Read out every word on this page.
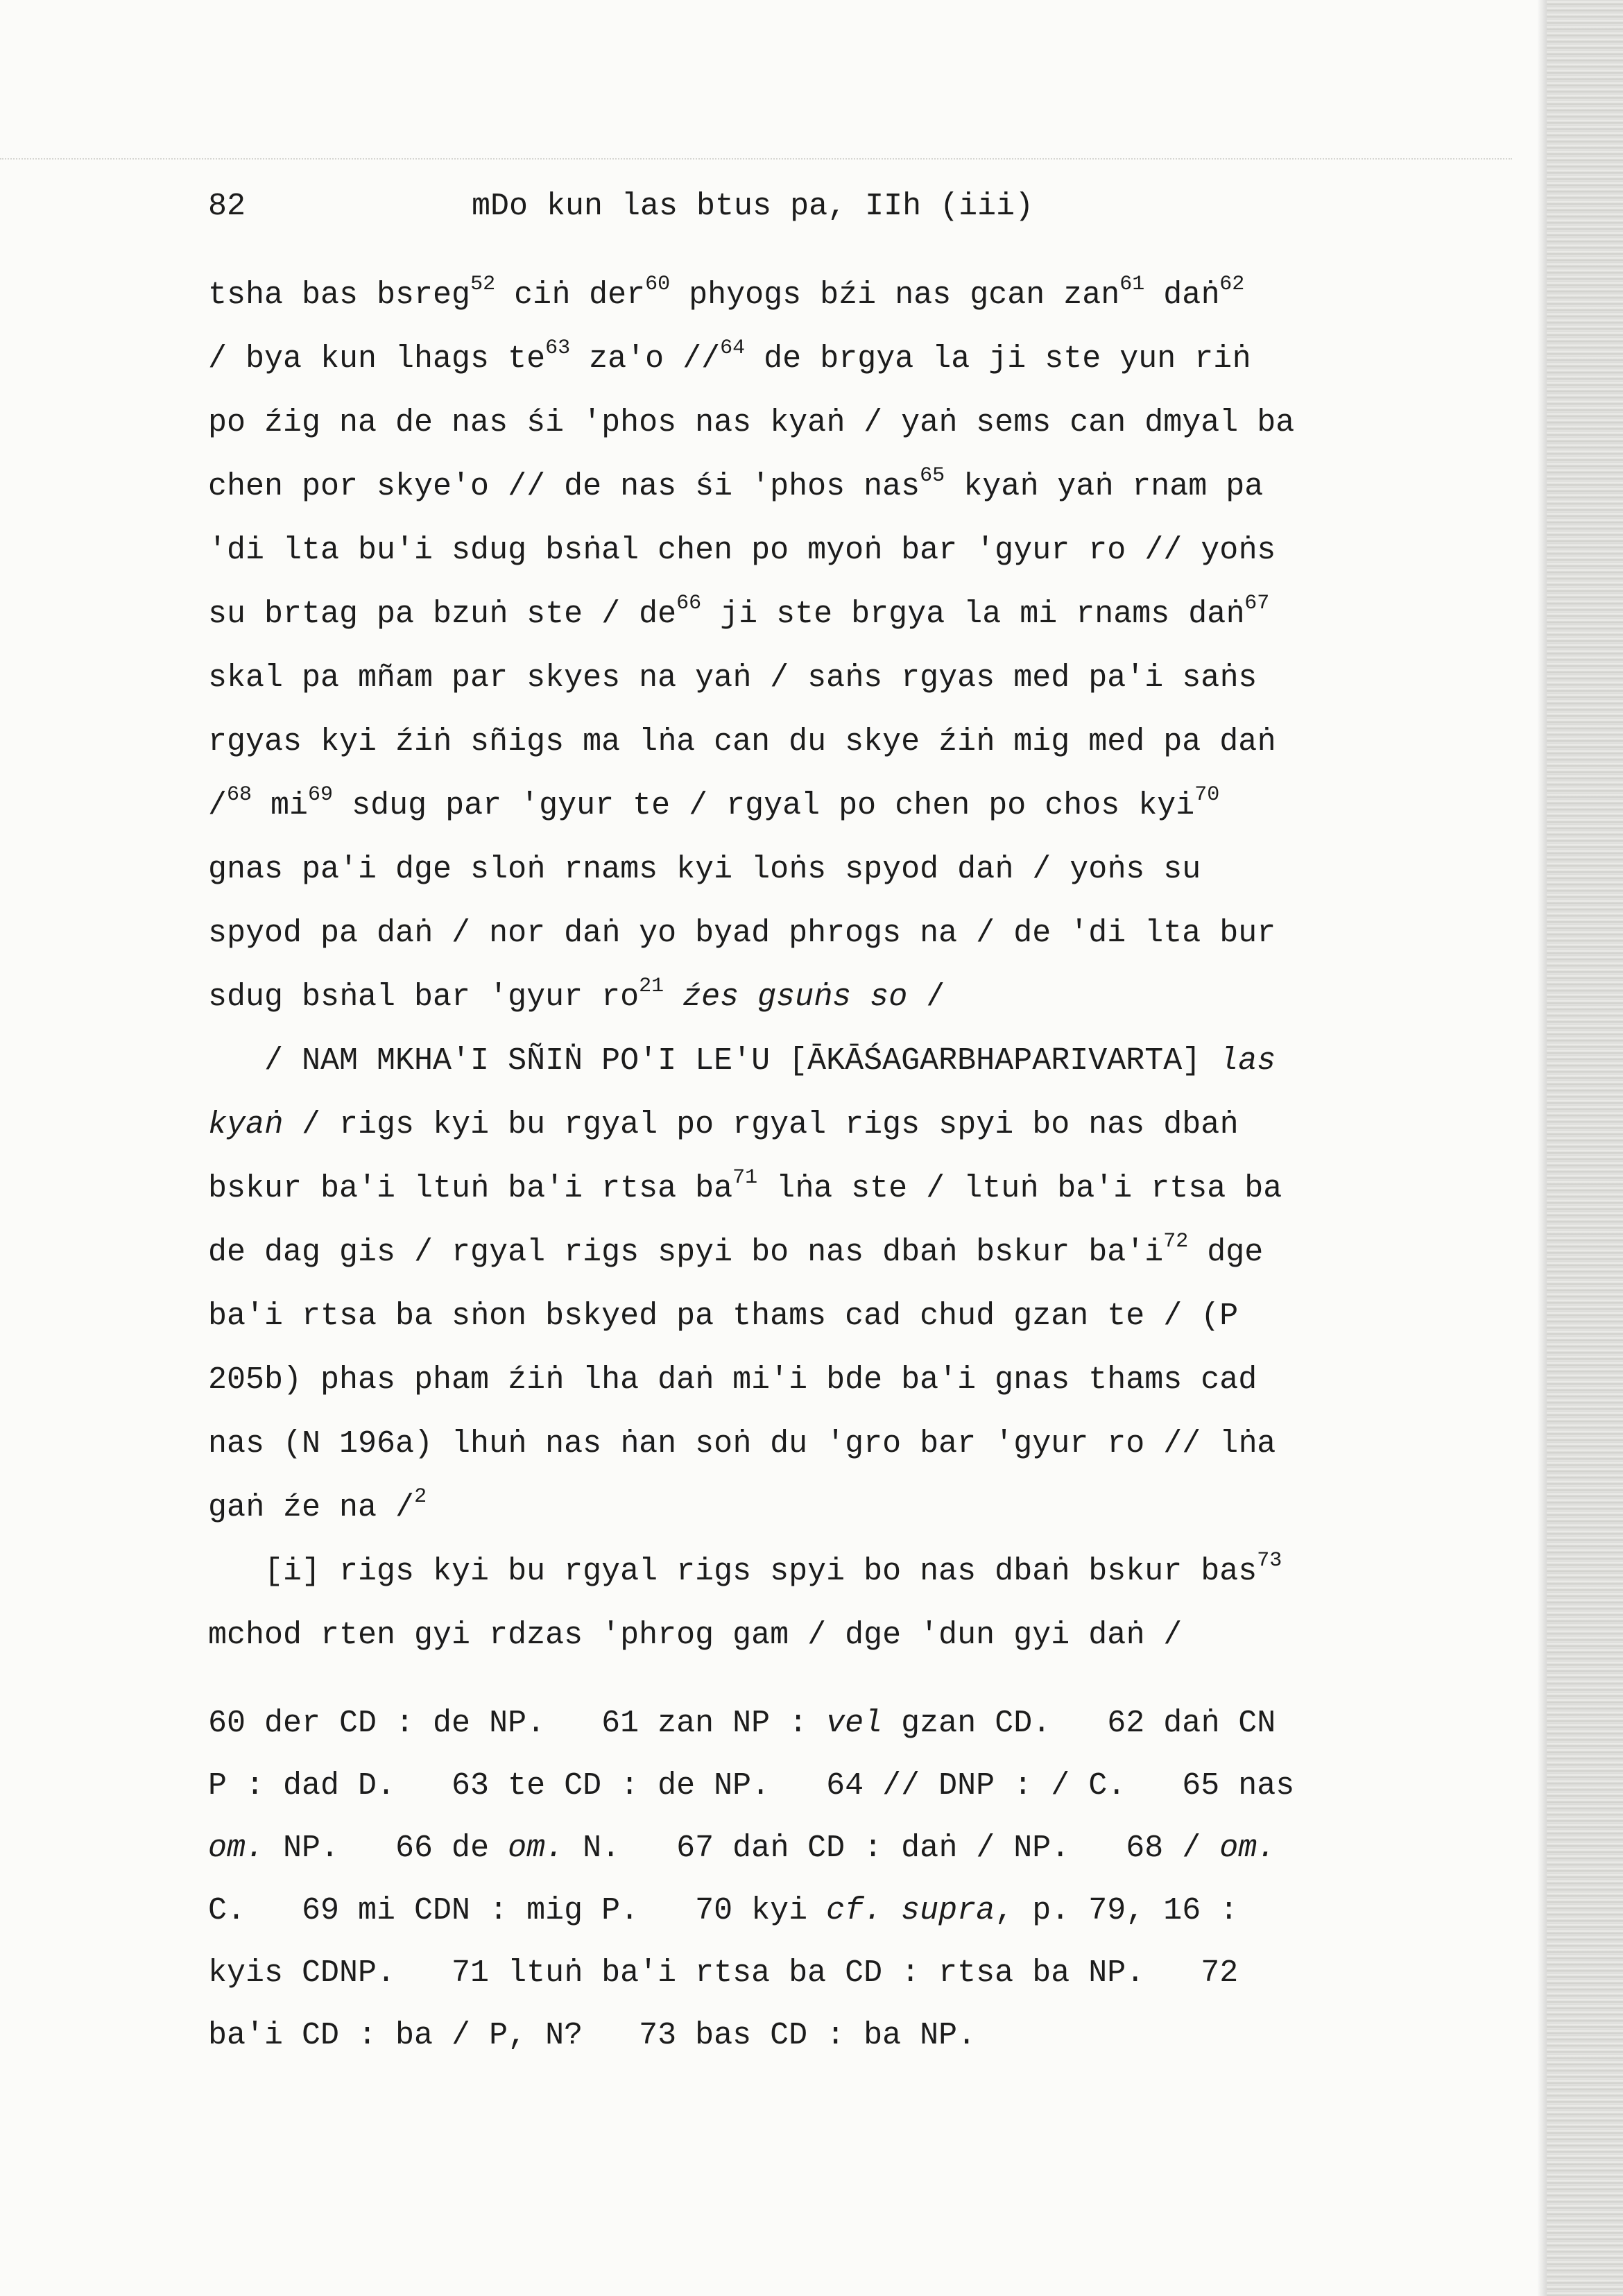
82	mDo kun las btus pa, IIh (iii)
tsha bas bsreg$^{52}$ ciṅ der$^{60}$ phyogs bźi nas gcan zan$^{61}$ daṅ$^{62}$
/ bya kun lhags $te^{63}$ za'o //$^{64}$ de brgya la ji ste yun riṅ
po źig na de nas śi 'phos nas kyaṅ / yaṅ sems can dmyal ba
chen por skye'o // de nas śi 'phos nas$^{65}$ kyaṅ yaṅ rnam pa
'di lta bu'i sdug bsṅal chen po myoṅ bar 'gyur ro // yoṅs
su brtag pa bzuṅ ste / $de^{66}$ ji ste brgya la mi rnams daṅ$^{67}$
skal pa mñam par skyes na yaṅ / saṅs rgyas med pa'i saṅs
rgyas kyi źiṅ sñigs ma lṅa can du skye źiṅ mig med pa daṅ
/$^{68}$ $mi^{69}$ sdug par 'gyur te / rgyal po chen po chos kyi$^{70}$
gnas pa'i dge sloṅ rnams kyi loṅs spyod daṅ / yoṅs su
spyod pa daṅ / nor daṅ yo byad phrogs na / de 'di lta bur
sdug bsṅal bar 'gyur $ro^{21}$ źes gsuṅs so /
/ NAM MKHA'I SÑIṄ PO'I LE'U [ĀKĀŚAGARBHAPARIVARTA] las
kyaṅ / rigs kyi bu rgyal po rgyal rigs spyi bo nas dbaṅ
bskur ba'i ltuṅ ba'i rtsa $ba^{71}$ lṅa ste / ltuṅ ba'i rtsa ba
de dag gis / rgyal rigs spyi bo nas dbaṅ bskur $ba'i^{72}$ dge
ba'i rtsa ba sṅon bskyed pa thams cad chud gzan te / (P
205b) phas pham źiṅ lha daṅ mi'i bde ba'i gnas thams cad
nas (N 196a) lhuṅ nas ṅan soṅ du 'gro bar 'gyur ro // lṅa
gaṅ źe na /$^2$
[i] rigs kyi bu rgyal rigs spyi bo nas dbaṅ bskur bas$^{73}$
mchod rten gyi rdzas 'phrog gam / dge 'dun gyi daṅ /
60 der CD : de NP.   61 zan NP : vel gzan CD.   62 daṅ CN
P : dad D.   63 te CD : de NP.   64 // DNP : / C.   65 nas
om. NP.   66 de om. N.   67 daṅ CD : daṅ / NP.   68 / om.
C.   69 mi CDN : mig P.   70 kyi cf. supra, p. 79, 16 :
kyis CDNP.   71 ltuṅ ba'i rtsa ba CD : rtsa ba NP.   72
ba'i CD : ba / P, N?   73 bas CD : ba NP.
